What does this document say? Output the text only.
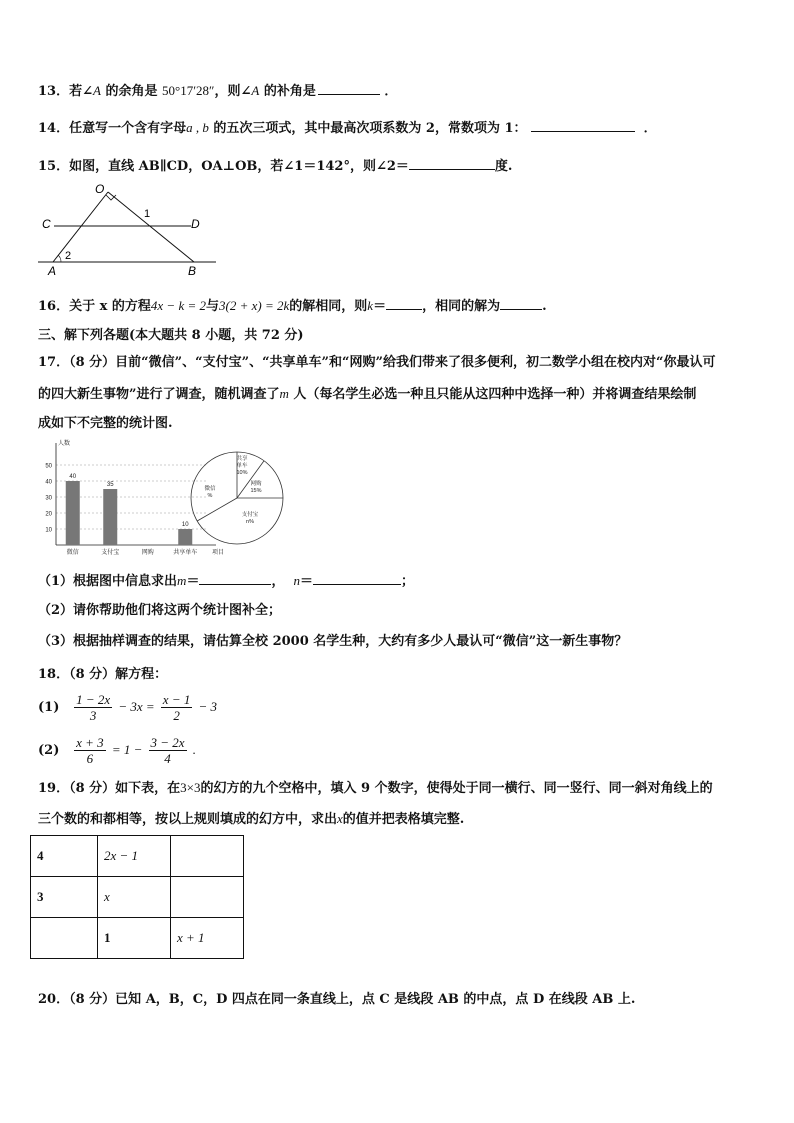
13．若∠A 的余角是 50°17′28″，则∠A 的补角是	．
14．任意写一个含有字母a , b 的五次三项式，其中最高次项系数为 2，常数项为 1：	．
15．如图，直线 AB∥CD，OA⊥OB，若∠1＝142°，则∠2＝	度.
O
C	D
A	B
1
2
16．关于 x 的方程4x − k = 2与3(2 + x) = 2k的解相同，则k＝	，相同的解为	.
三、解下列各题(本大题共 8 小题，共 72 分)
17．（8 分）目前“微信”、“支付宝”、“共享单车”和“网购”给我们带来了很多便利，初二数学小组在校内对“你最认可
的四大新生事物”进行了调查，随机调查了m 人（每名学生必选一种且只能从这四种中选择一种）并将调查结果绘制
成如下不完整的统计图.
10
20
30
40
50
人数
项目
40
微信
35
支付宝	网购
10
共享单车
共享
单车
10%
网购
15%
支付宝
n%
微信
%
（1）根据图中信息求出m＝	， n＝	；
（2）请你帮助他们将这两个统计图补全；
（3）根据抽样调查的结果，请估算全校 2000 名学生种，大约有多少人最认可“微信”这一新生事物？
18．（8 分）解方程：
$(1) \frac{1 - 2x}{3} - 3x = \frac{x - 1}{2} - 3$
$(2) \frac{x + 3}{6} = 1 - \frac{3 - 2x}{4}$ .
19．（8 分）如下表，在3×3的幻方的九个空格中，填入 9 个数字，使得处于同一横行、同一竖行、同一斜对角线上的
三个数的和都相等，按以上规则填成的幻方中，求出x的值并把表格填完整.
4	2x − 1	
3	x	
	1	x + 1
20．（8 分）已知 A，B，C，D 四点在同一条直线上，点 C 是线段 AB 的中点，点 D 在线段 AB 上.
